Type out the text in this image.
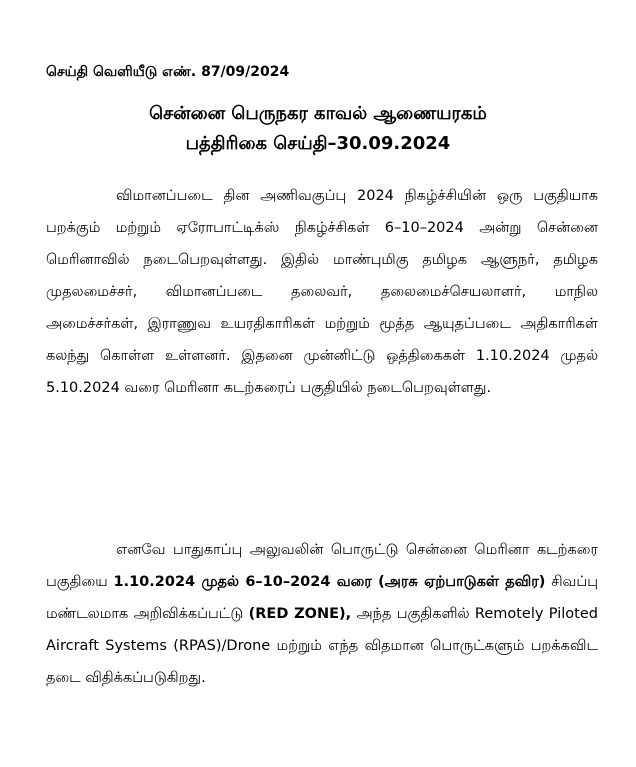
செய்தி வெளியீடு எண். 87/09/2024
சென்னை பெருநகர காவல் ஆணையரகம்
பத்திரிகை செய்தி–30.09.2024
விமானப்படை தின அணிவகுப்பு 2024 நிகழ்ச்சியின் ஒரு பகுதியாக பறக்கும் மற்றும் ஏரோபாட்டிக்ஸ் நிகழ்ச்சிகள் 6–10–2024 அன்று சென்னை மெரினாவில் நடைபெறவுள்ளது. இதில் மாண்புமிகு தமிழக ஆளுநர், தமிழக முதலமைச்சர், விமானப்படை தலைவர், தலைமைச்செயலாளர், மாநில அமைச்சர்கள், இராணுவ உயரதிகாரிகள் மற்றும் மூத்த ஆயுதப்படை அதிகாரிகள் கலந்து கொள்ள உள்ளனர். இதனை முன்னிட்டு ஒத்திகைகள் 1.10.2024 முதல் 5.10.2024 வரை மெரினா கடற்கரைப் பகுதியில் நடைபெறவுள்ளது.
எனவே பாதுகாப்பு அலுவலின் பொருட்டு சென்னை மெரினா கடற்கரை பகுதியை 1.10.2024 முதல் 6–10–2024 வரை (அரசு ஏற்பாடுகள் தவிர) சிவப்பு மண்டலமாக அறிவிக்கப்பட்டு (RED ZONE), அந்த பகுதிகளில் Remotely Piloted Aircraft Systems (RPAS)/Drone மற்றும் எந்த விதமான பொருட்களும் பறக்கவிட தடை விதிக்கப்படுகிறது.
